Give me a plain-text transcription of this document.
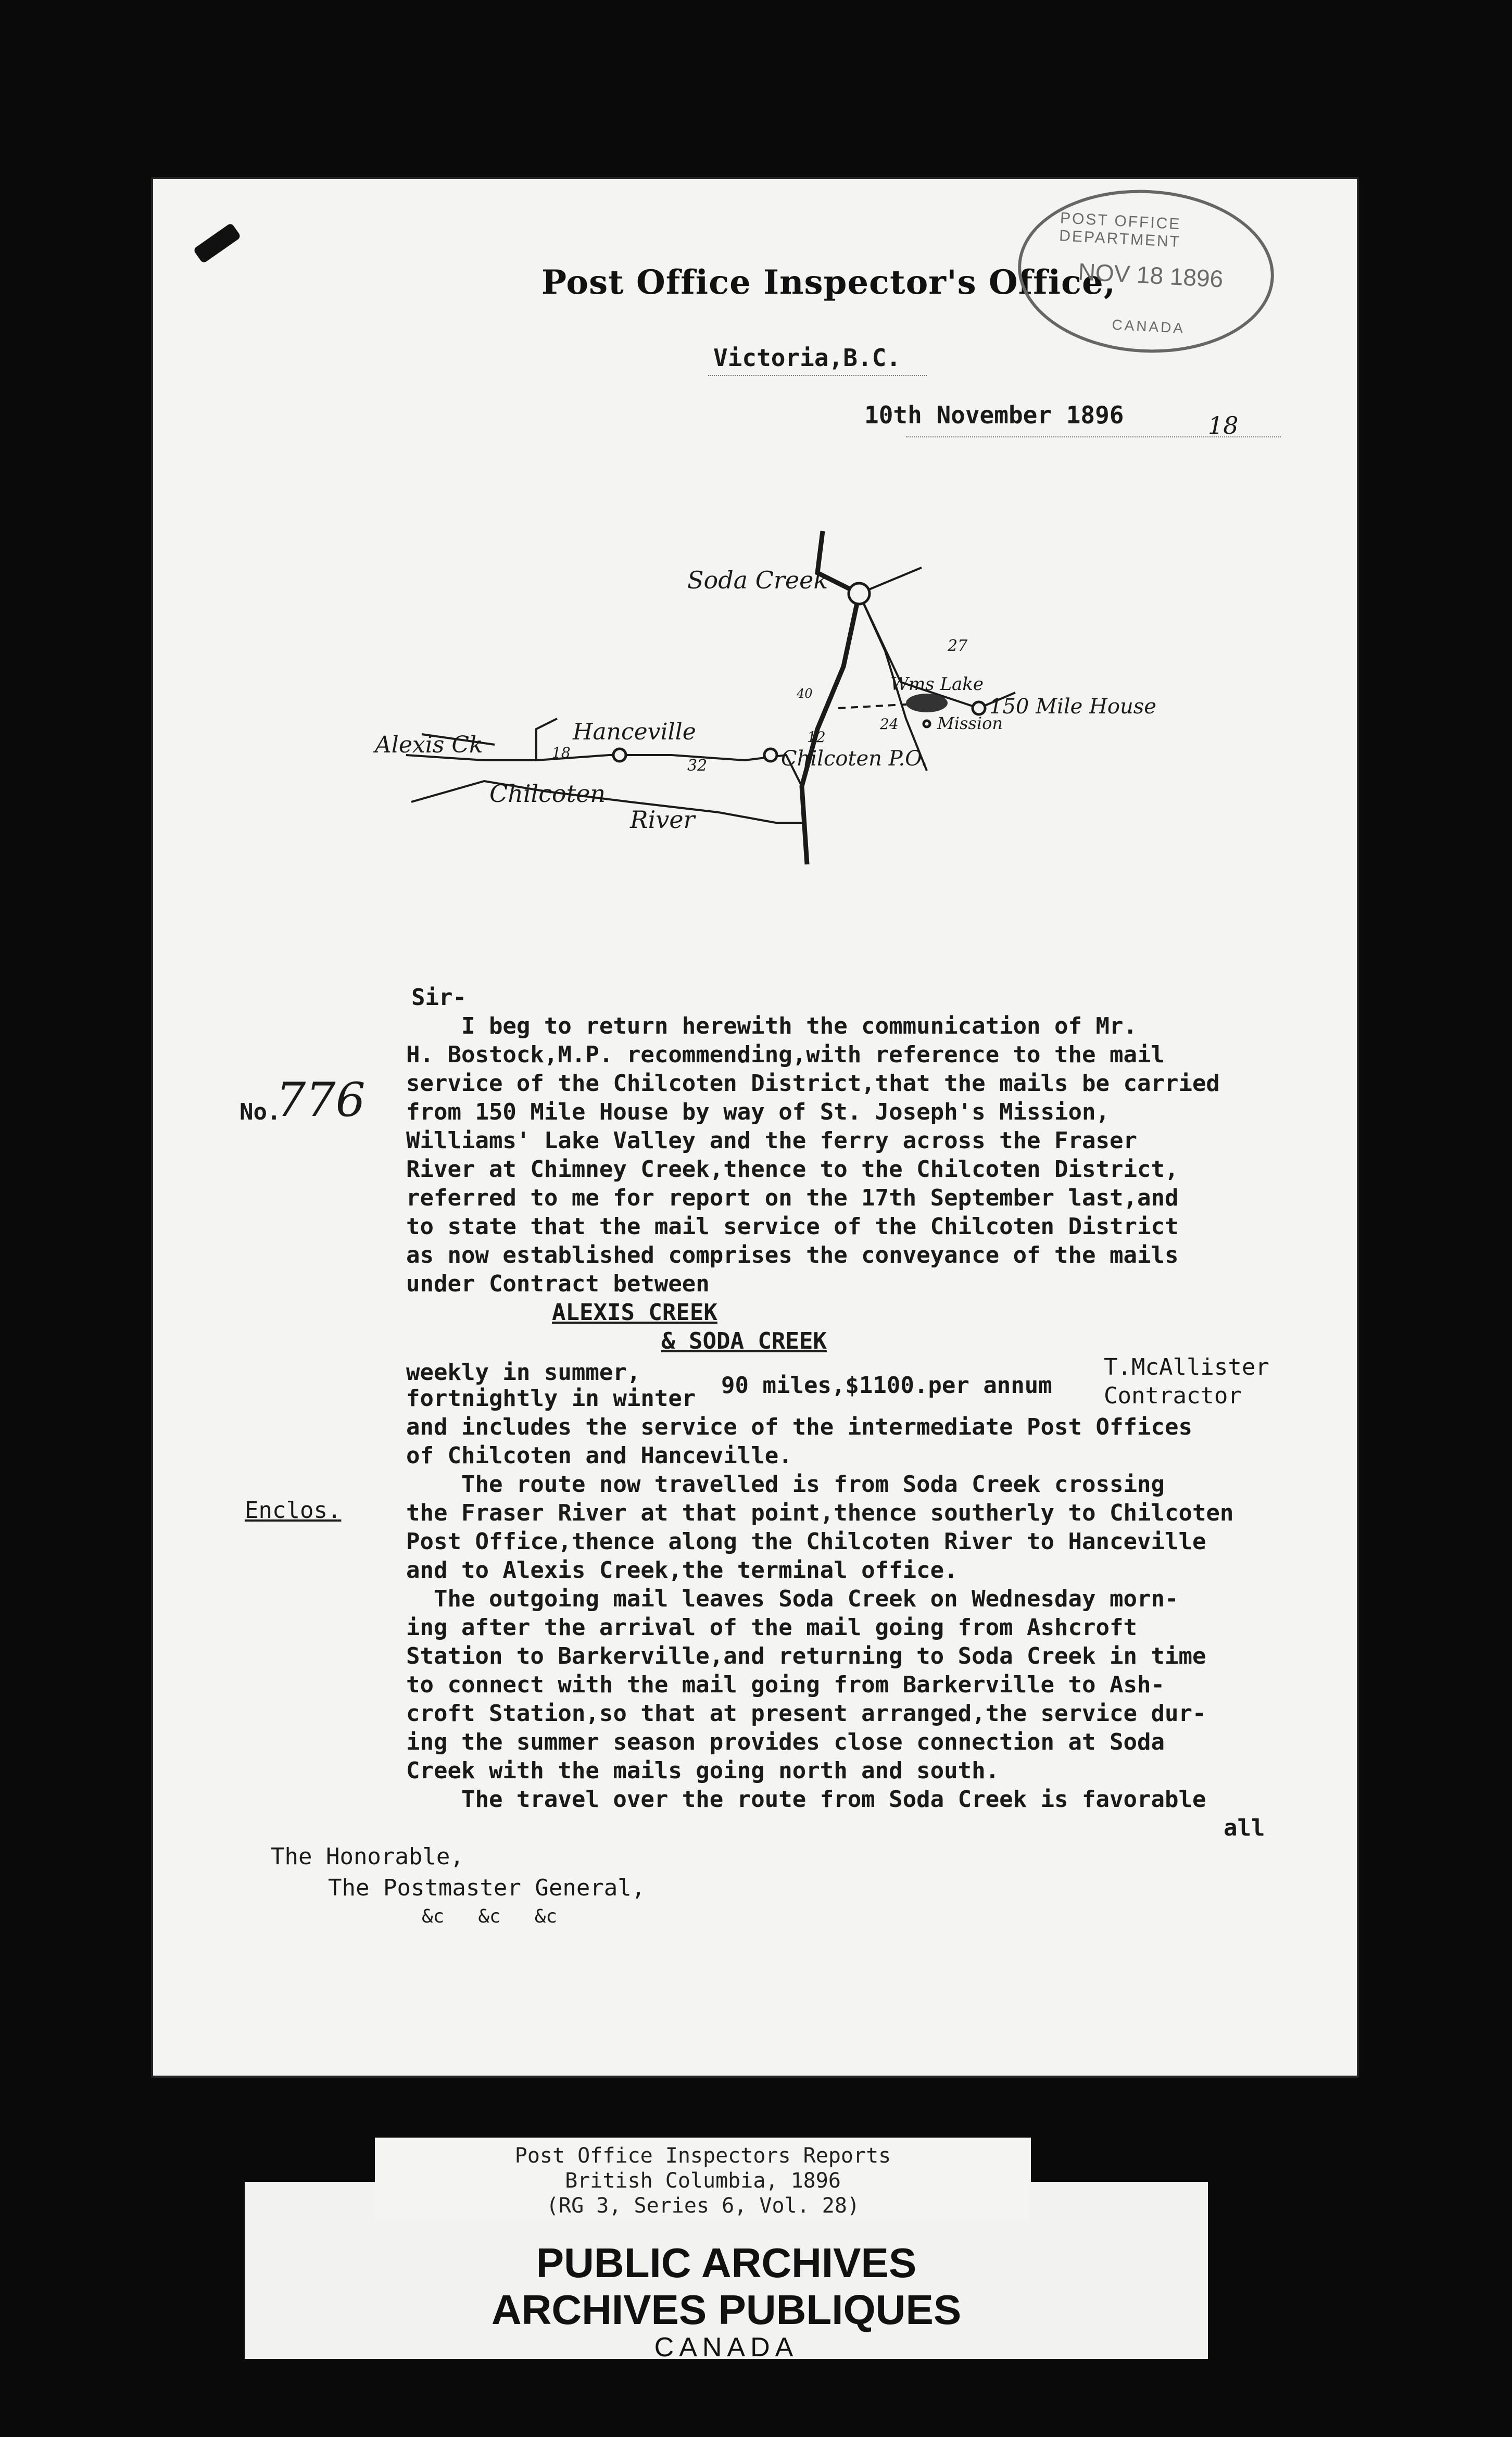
Post Office Inspector's Office,
Victoria,B.C.
10th November 1896	18
POST OFFICE DEPARTMENT
NOV 18 1896
CANADA
Soda Creek
Alexis Ck	Hanceville
Chilcoten
River
Chilcoten P.O.
Wms Lake
150 Mile House
Mission
18
32
12
27
24
40
Sir-
I beg to return herewith the communication of Mr.
H. Bostock,M.P. recommending,with reference to the mail
service of the Chilcoten District,that the mails be carried
from 150 Mile House by way of St. Joseph's Mission,
Williams' Lake Valley and the ferry across the Fraser
River at Chimney Creek,thence to the Chilcoten District,
referred to me for report on the 17th September last,and
to state that the mail service of the Chilcoten District
as now established comprises the conveyance of the mails
under Contract between
No.
776
ALEXIS CREEK
& SODA CREEK
weekly in summer,
fortnightly in winter 90 miles,$1100.per annum
T.McAllister
Contractor
and includes the service of the intermediate Post Offices
of Chilcoten and Hanceville.
The route now travelled is from Soda Creek crossing
the Fraser River at that point,thence southerly to Chilcoten
Post Office,thence along the Chilcoten River to Hanceville
and to Alexis Creek,the terminal office.
The outgoing mail leaves Soda Creek on Wednesday morn-
ing after the arrival of the mail going from Ashcroft
Station to Barkerville,and returning to Soda Creek in time
to connect with the mail going from Barkerville to Ash-
croft Station,so that at present arranged,the service dur-
ing the summer season provides close connection at Soda
Creek with the mails going north and south.
The travel over the route from Soda Creek is favorable
Enclos.
all
The Honorable,
The Postmaster General,
&c   &c   &c
PUBLIC ARCHIVES
ARCHIVES PUBLIQUES
CANADA
Post Office Inspectors Reports
British Columbia, 1896
(RG 3, Series 6, Vol. 28)
